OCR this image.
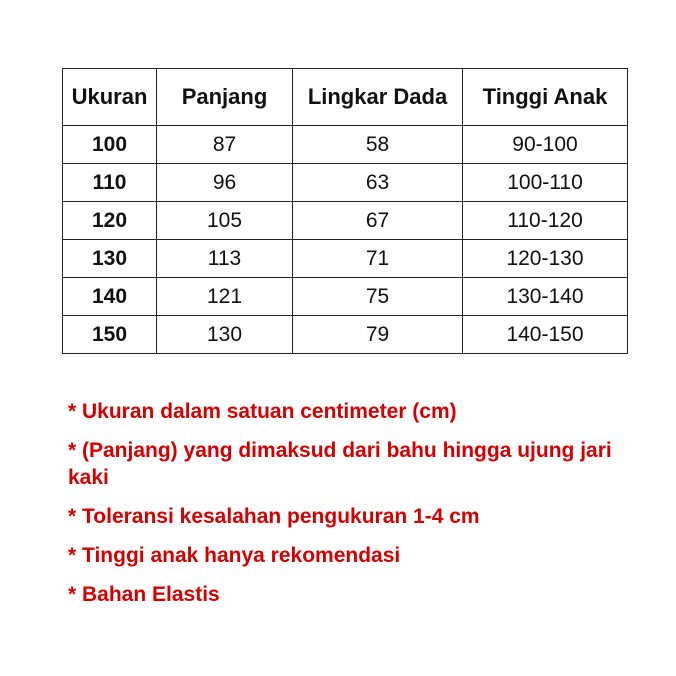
Ukuran	Panjang	Lingkar Dada	Tinggi Anak
100	87	58	90-100
110	96	63	100-110
120	105	67	110-120
130	113	71	120-130
140	121	75	130-140
150	130	79	140-150
* Ukuran dalam satuan centimeter (cm)
* (Panjang) yang dimaksud dari bahu hingga ujung jari kaki
* Toleransi kesalahan pengukuran 1-4 cm
* Tinggi anak hanya rekomendasi
* Bahan Elastis
